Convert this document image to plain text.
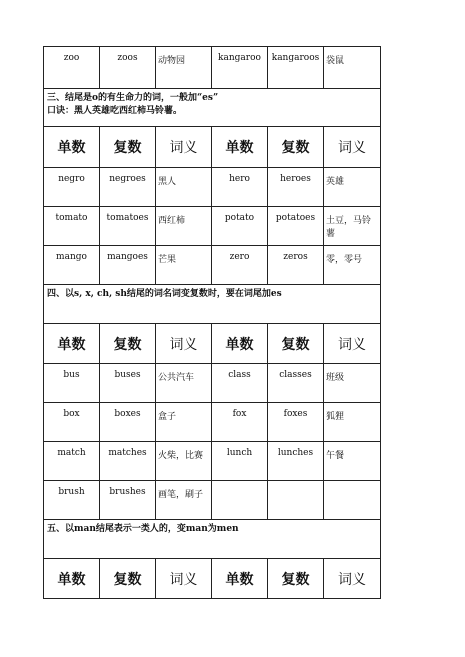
zoo	zoos	动物园	kangaroo	kangaroos	袋鼠

三、结尾是o的有生命力的词，一般加“es”
口诀：黑人英雄吃西红柿马铃薯。					

单数	复数	词义	单数	复数	词义
negro	negroes	黑人	hero	heroes	英雄
tomato	tomatoes	西红柿	potato	potatoes	土豆，马铃薯
mango	mangoes	芒果	zero	zeros	零，零号

四、以s, x, ch, sh结尾的词名词变复数时，要在词尾加es					

单数	复数	词义	单数	复数	词义
bus	buses	公共汽车	class	classes	班级
box	boxes	盒子	fox	foxes	狐狸
match	matches	火柴，比赛	lunch	lunches	午餐
brush	brushes	画笔，刷子			

五、以man结尾表示一类人的，变man为men					

单数	复数	词义	单数	复数	词义
